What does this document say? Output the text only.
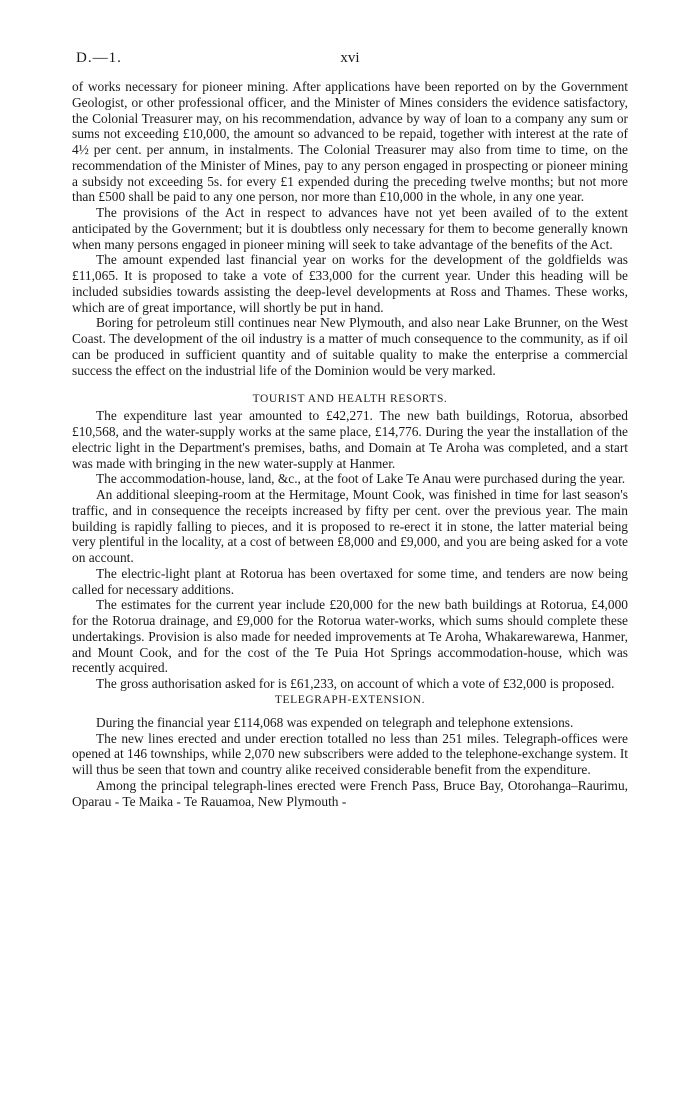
D.—1.	xvi

of works necessary for pioneer mining. After applications have been reported on by the Government Geologist, or other professional officer, and the Minister of Mines considers the evidence satisfactory, the Colonial Treasurer may, on his recommendation, advance by way of loan to a company any sum or sums not exceeding £10,000, the amount so advanced to be repaid, together with interest at the rate of 4½ per cent. per annum, in instalments. The Colonial Treasurer may also from time to time, on the recommendation of the Minister of Mines, pay to any person engaged in prospecting or pioneer mining a subsidy not exceeding 5s. for every £1 expended during the preceding twelve months; but not more than £500 shall be paid to any one person, nor more than £10,000 in the whole, in any one year.

The provisions of the Act in respect to advances have not yet been availed of to the extent anticipated by the Government; but it is doubtless only necessary for them to become generally known when many persons engaged in pioneer mining will seek to take advantage of the benefits of the Act.

The amount expended last financial year on works for the development of the goldfields was £11,065. It is proposed to take a vote of £33,000 for the current year. Under this heading will be included subsidies towards assisting the deep-level developments at Ross and Thames. These works, which are of great importance, will shortly be put in hand.

Boring for petroleum still continues near New Plymouth, and also near Lake Brunner, on the West Coast. The development of the oil industry is a matter of much consequence to the community, as if oil can be produced in sufficient quantity and of suitable quality to make the enterprise a commercial success the effect on the industrial life of the Dominion would be very marked.

TOURIST AND HEALTH RESORTS.

The expenditure last year amounted to £42,271. The new bath buildings, Rotorua, absorbed £10,568, and the water-supply works at the same place, £14,776. During the year the installation of the electric light in the Department's premises, baths, and Domain at Te Aroha was completed, and a start was made with bringing in the new water-supply at Hanmer.

The accommodation-house, land, &c., at the foot of Lake Te Anau were purchased during the year.

An additional sleeping-room at the Hermitage, Mount Cook, was finished in time for last season's traffic, and in consequence the receipts increased by fifty per cent. over the previous year. The main building is rapidly falling to pieces, and it is proposed to re-erect it in stone, the latter material being very plentiful in the locality, at a cost of between £8,000 and £9,000, and you are being asked for a vote on account.

The electric-light plant at Rotorua has been overtaxed for some time, and tenders are now being called for necessary additions.

The estimates for the current year include £20,000 for the new bath buildings at Rotorua, £4,000 for the Rotorua drainage, and £9,000 for the Rotorua water-works, which sums should complete these undertakings. Provision is also made for needed improvements at Te Aroha, Whakarewarewa, Hanmer, and Mount Cook, and for the cost of the Te Puia Hot Springs accommodation-house, which was recently acquired.

The gross authorisation asked for is £61,233, on account of which a vote of £32,000 is proposed.

TELEGRAPH-EXTENSION.

During the financial year £114,068 was expended on telegraph and telephone extensions.

The new lines erected and under erection totalled no less than 251 miles. Telegraph-offices were opened at 146 townships, while 2,070 new subscribers were added to the telephone-exchange system. It will thus be seen that town and country alike received considerable benefit from the expenditure.

Among the principal telegraph-lines erected were French Pass, Bruce Bay, Otorohanga–Raurimu, Oparau - Te Maika - Te Rauamoa, New Plymouth -
